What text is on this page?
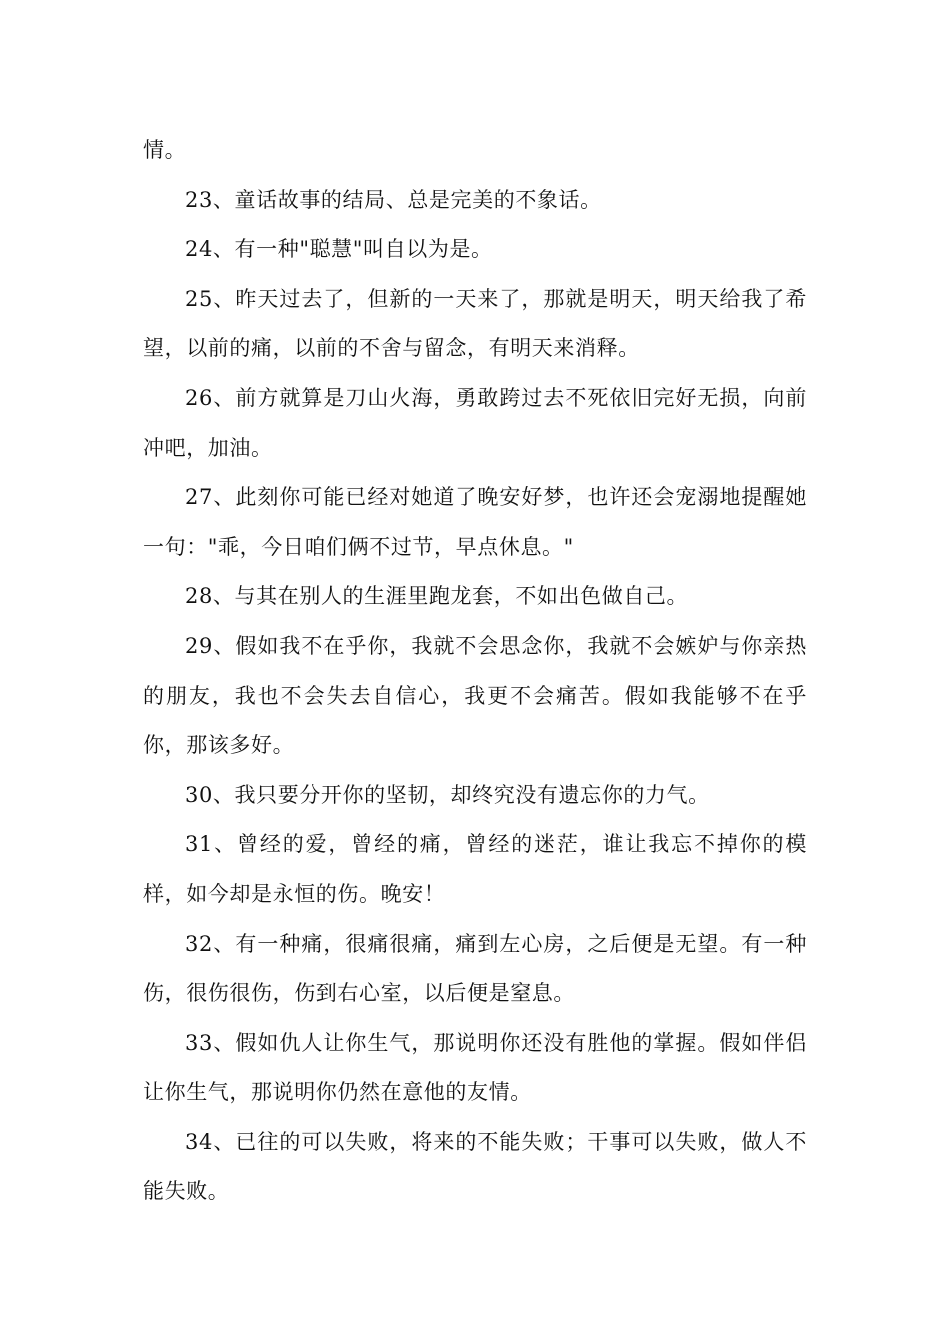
情。

23、童话故事的结局、总是完美的不象话。

24、有一种"聪慧"叫自以为是。

25、昨天过去了，但新的一天来了，那就是明天，明天给我了希望，以前的痛，以前的不舍与留念，有明天来消释。

26、前方就算是刀山火海，勇敢跨过去不死依旧完好无损，向前冲吧，加油。

27、此刻你可能已经对她道了晚安好梦，也许还会宠溺地提醒她一句："乖，今日咱们俩不过节，早点休息。"

28、与其在别人的生涯里跑龙套，不如出色做自己。

29、假如我不在乎你，我就不会思念你，我就不会嫉妒与你亲热的朋友，我也不会失去自信心，我更不会痛苦。假如我能够不在乎你，那该多好。

30、我只要分开你的坚韧，却终究没有遗忘你的力气。

31、曾经的爱，曾经的痛，曾经的迷茫，谁让我忘不掉你的模样，如今却是永恒的伤。晚安！

32、有一种痛，很痛很痛，痛到左心房，之后便是无望。有一种伤，很伤很伤，伤到右心室，以后便是窒息。

33、假如仇人让你生气，那说明你还没有胜他的掌握。假如伴侣让你生气，那说明你仍然在意他的友情。

34、已往的可以失败，将来的不能失败；干事可以失败，做人不能失败。
